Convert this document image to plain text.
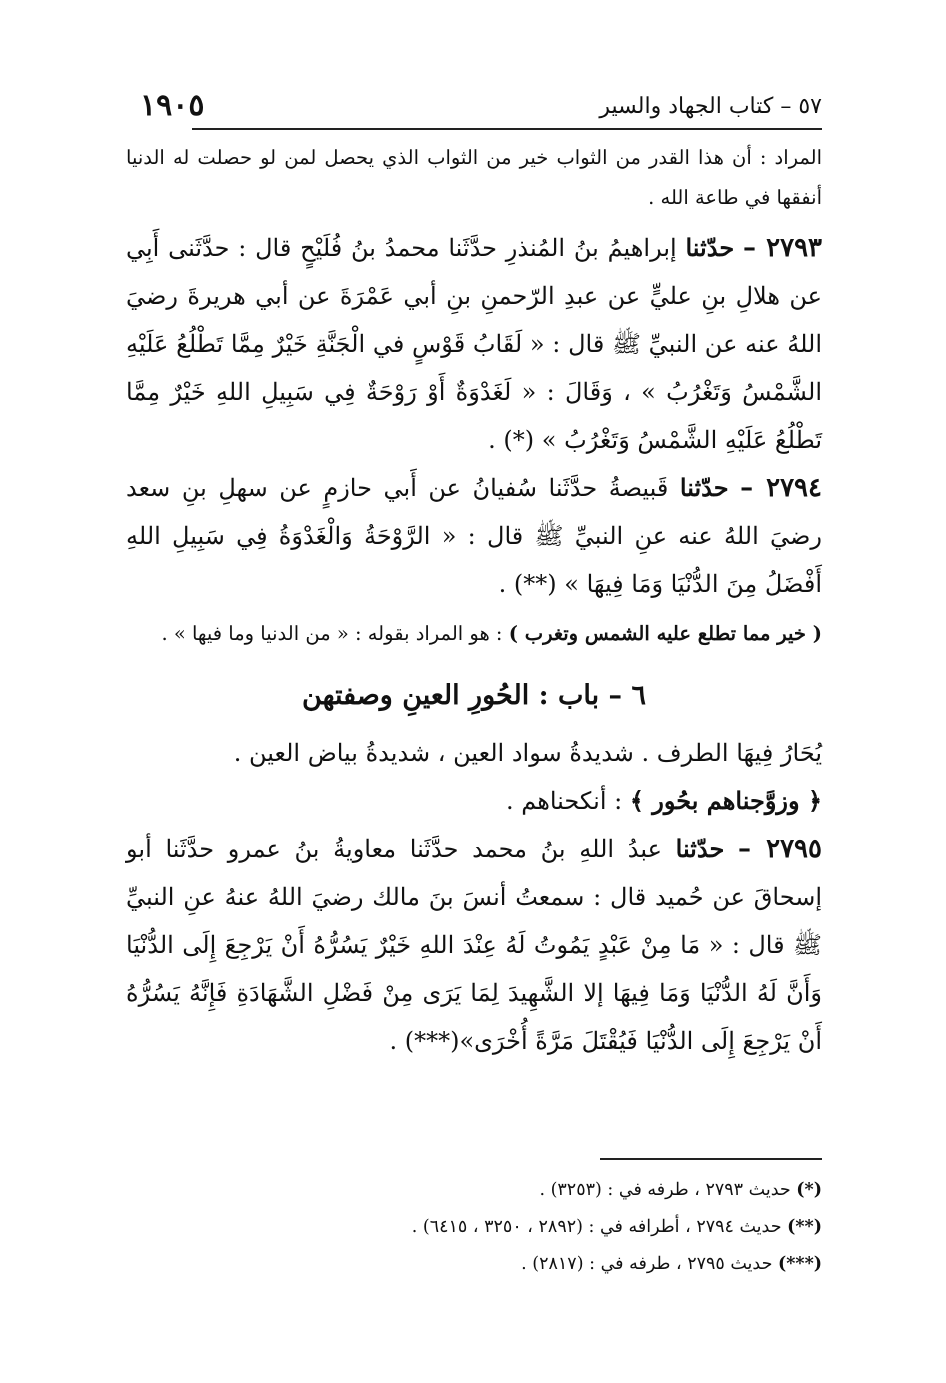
٥٧ – كتاب الجهاد والسير
١٩٠٥

المراد : أن هذا القدر من الثواب خير من الثواب الذي يحصل لمن لو حصلت له الدنيا أنفقها في طاعة الله .

٢٧٩٣ – حدّثنا إبراهيمُ بنُ المُنذرِ حدَّثَنا محمدُ بنُ فُلَيْحٍ قال : حدَّثَنى أَبِي عن هلالِ بنِ عليٍّ عن عبدِ الرّحمنِ بنِ أبي عَمْرَةَ عن أبي هريرةَ رضيَ اللهُ عنه عن النبيِّ ﷺ قال : « لَقَابُ قَوْسٍ في الْجَنَّةِ خَيْرٌ مِمَّا تَطْلُعُ عَلَيْهِ الشَّمْسُ وَتَغْرُبُ » ، وَقَالَ : « لَغَدْوَةٌ أَوْ رَوْحَةٌ فِي سَبِيلِ اللهِ خَيْرٌ مِمَّا تَطْلُعُ عَلَيْهِ الشَّمْسُ وَتَغْرُبُ » (*) .

٢٧٩٤ – حدّثنا قَبيصةُ حدَّثَنا سُفيانُ عن أَبي حازمٍ عن سهلِ بنِ سعد رضيَ اللهُ عنه عنِ النبيِّ ﷺ قال : « الرَّوْحَةُ وَالْغَدْوَةُ فِي سَبِيلِ اللهِ أَفْضَلُ مِنَ الدُّنْيَا وَمَا فِيهَا » (**) .

( خير مما تطلع عليه الشمس وتغرب ) : هو المراد بقوله : « من الدنيا وما فيها » .

٦ – باب : الحُورِ العينِ وصفتهن

يُحَارُ فِيهَا الطرف . شديدةُ سواد العين ، شديدةُ بياض العين .
﴿ وزوَّجناهم بحُور ﴾ : أنكحناهم .

٢٧٩٥ – حدّثنا عبدُ اللهِ بنُ محمد حدَّثَنا معاويةُ بنُ عمرو حدَّثَنا أبو إسحاقَ عن حُميد قال : سمعتُ أنسَ بنَ مالك رضيَ اللهُ عنهُ عنِ النبيِّ ﷺ قال : « مَا مِنْ عَبْدٍ يَمُوتُ لَهُ عِنْدَ اللهِ خَيْرٌ يَسُرُّهُ أَنْ يَرْجِعَ إِلَى الدُّنْيَا وَأَنَّ لَهُ الدُّنْيَا وَمَا فِيهَا إلا الشَّهِيدَ لِمَا يَرَى مِنْ فَضْلِ الشَّهَادَةِ فَإِنَّهُ يَسُرُّهُ أَنْ يَرْجِعَ إِلَى الدُّنْيَا فَيُقْتَلَ مَرَّةً أُخْرَى»(***) .

(*) حديث ٢٧٩٣ ، طرفه في : (٣٢٥٣) .

(**) حديث ٢٧٩٤ ، أطرافه في : (٢٨٩٢ ، ٣٢٥٠ ، ٦٤١٥) .

(***) حديث ٢٧٩٥ ، طرفه في : (٢٨١٧) .
